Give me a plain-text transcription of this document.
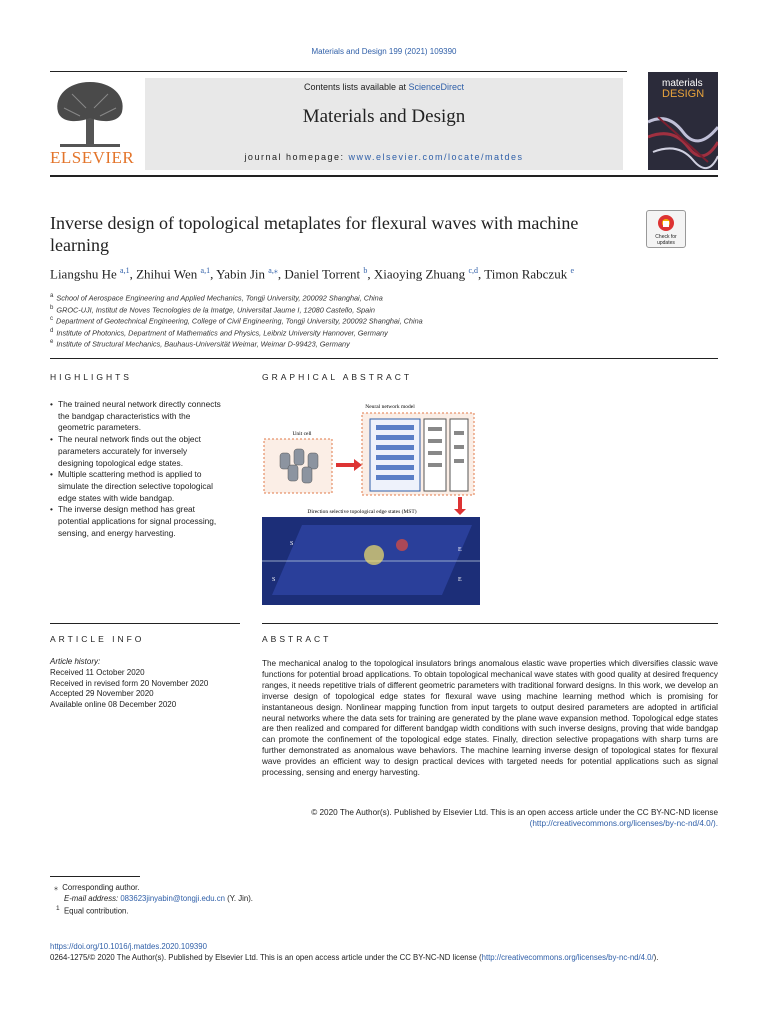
Materials and Design 199 (2021) 109390
ELSEVIER
Contents lists available at ScienceDirect
Materials and Design
journal homepage: www.elsevier.com/locate/matdes
materials
DESIGN
Inverse design of topological metaplates for flexural waves with machine learning	Check for updates
Liangshu He $^{a,1}$, Zhihui Wen $^{a,1}$, Yabin Jin $^{a,⁎}$, Daniel Torrent $^b$, Xiaoying Zhuang $^{c,d}$, Timon Rabczuk $^e$
$^a$ School of Aerospace Engineering and Applied Mechanics, Tongji University, 200092 Shanghai, China
$^b$ GROC-UJI, Institut de Noves Tecnologies de la Imatge, Universitat Jaume I, 12080 Castello, Spain
$^c$ Department of Geotechnical Engineering, College of Civil Engineering, Tongji University, 200092 Shanghai, China
$^d$ Institute of Photonics, Department of Mathematics and Physics, Leibniz University Hannover, Germany
$^e$ Institute of Structural Mechanics, Bauhaus-Universität Weimar, Weimar D-99423, Germany
HIGHLIGHTS
• The trained neural network directly connects the bandgap characteristics with the geometric parameters.
• The neural network finds out the object parameters accurately for inversely designing topological edge states.
• Multiple scattering method is applied to simulate the direction selective topological edge states with wide bandgap.
• The inverse design method has great potential applications for signal processing, sensing, and energy harvesting.
GRAPHICAL ABSTRACT
Neural network model
Unit cell
Direction selective topological edge states (MST)
S
E
S	E
ARTICLE INFO
Article history:
Received 11 October 2020
Received in revised form 20 November 2020
Accepted 29 November 2020
Available online 08 December 2020
ABSTRACT
The mechanical analog to the topological insulators brings anomalous elastic wave properties which diversifies classic wave functions for potential broad applications. To obtain topological mechanical wave states with good quality at desired frequency ranges, it needs repetitive trials of different geometric parameters with traditional forward designs. In this work, we develop an inverse design of topological edge states for flexural wave using machine learning method which is promising for instantaneous design. Nonlinear mapping function from input targets to output desired parameters are adopted in artificial neural networks where the data sets for training are generated by the plane wave expansion method. Topological edge states are then realized and compared for different bandgap width conditions with such inverse designs, proving that wide bandgap can promote the confinement of the topological edge states. Finally, direction selective propagations with sharp turns are further demonstrated as anomalous wave behaviors. The machine learning inverse design of topological states for flexural wave provides an efficient way to design practical devices with targeted needs for potential applications such as signal processing, sensing and energy harvesting.
© 2020 The Author(s). Published by Elsevier Ltd. This is an open access article under the CC BY-NC-ND license
(http://creativecommons.org/licenses/by-nc-nd/4.0/).
⁎ Corresponding author.
E-mail address: 083623jinyabin@tongji.edu.cn (Y. Jin).
$^1$ Equal contribution.
https://doi.org/10.1016/j.matdes.2020.109390
0264-1275/© 2020 The Author(s). Published by Elsevier Ltd. This is an open access article under the CC BY-NC-ND license (http://creativecommons.org/licenses/by-nc-nd/4.0/).
